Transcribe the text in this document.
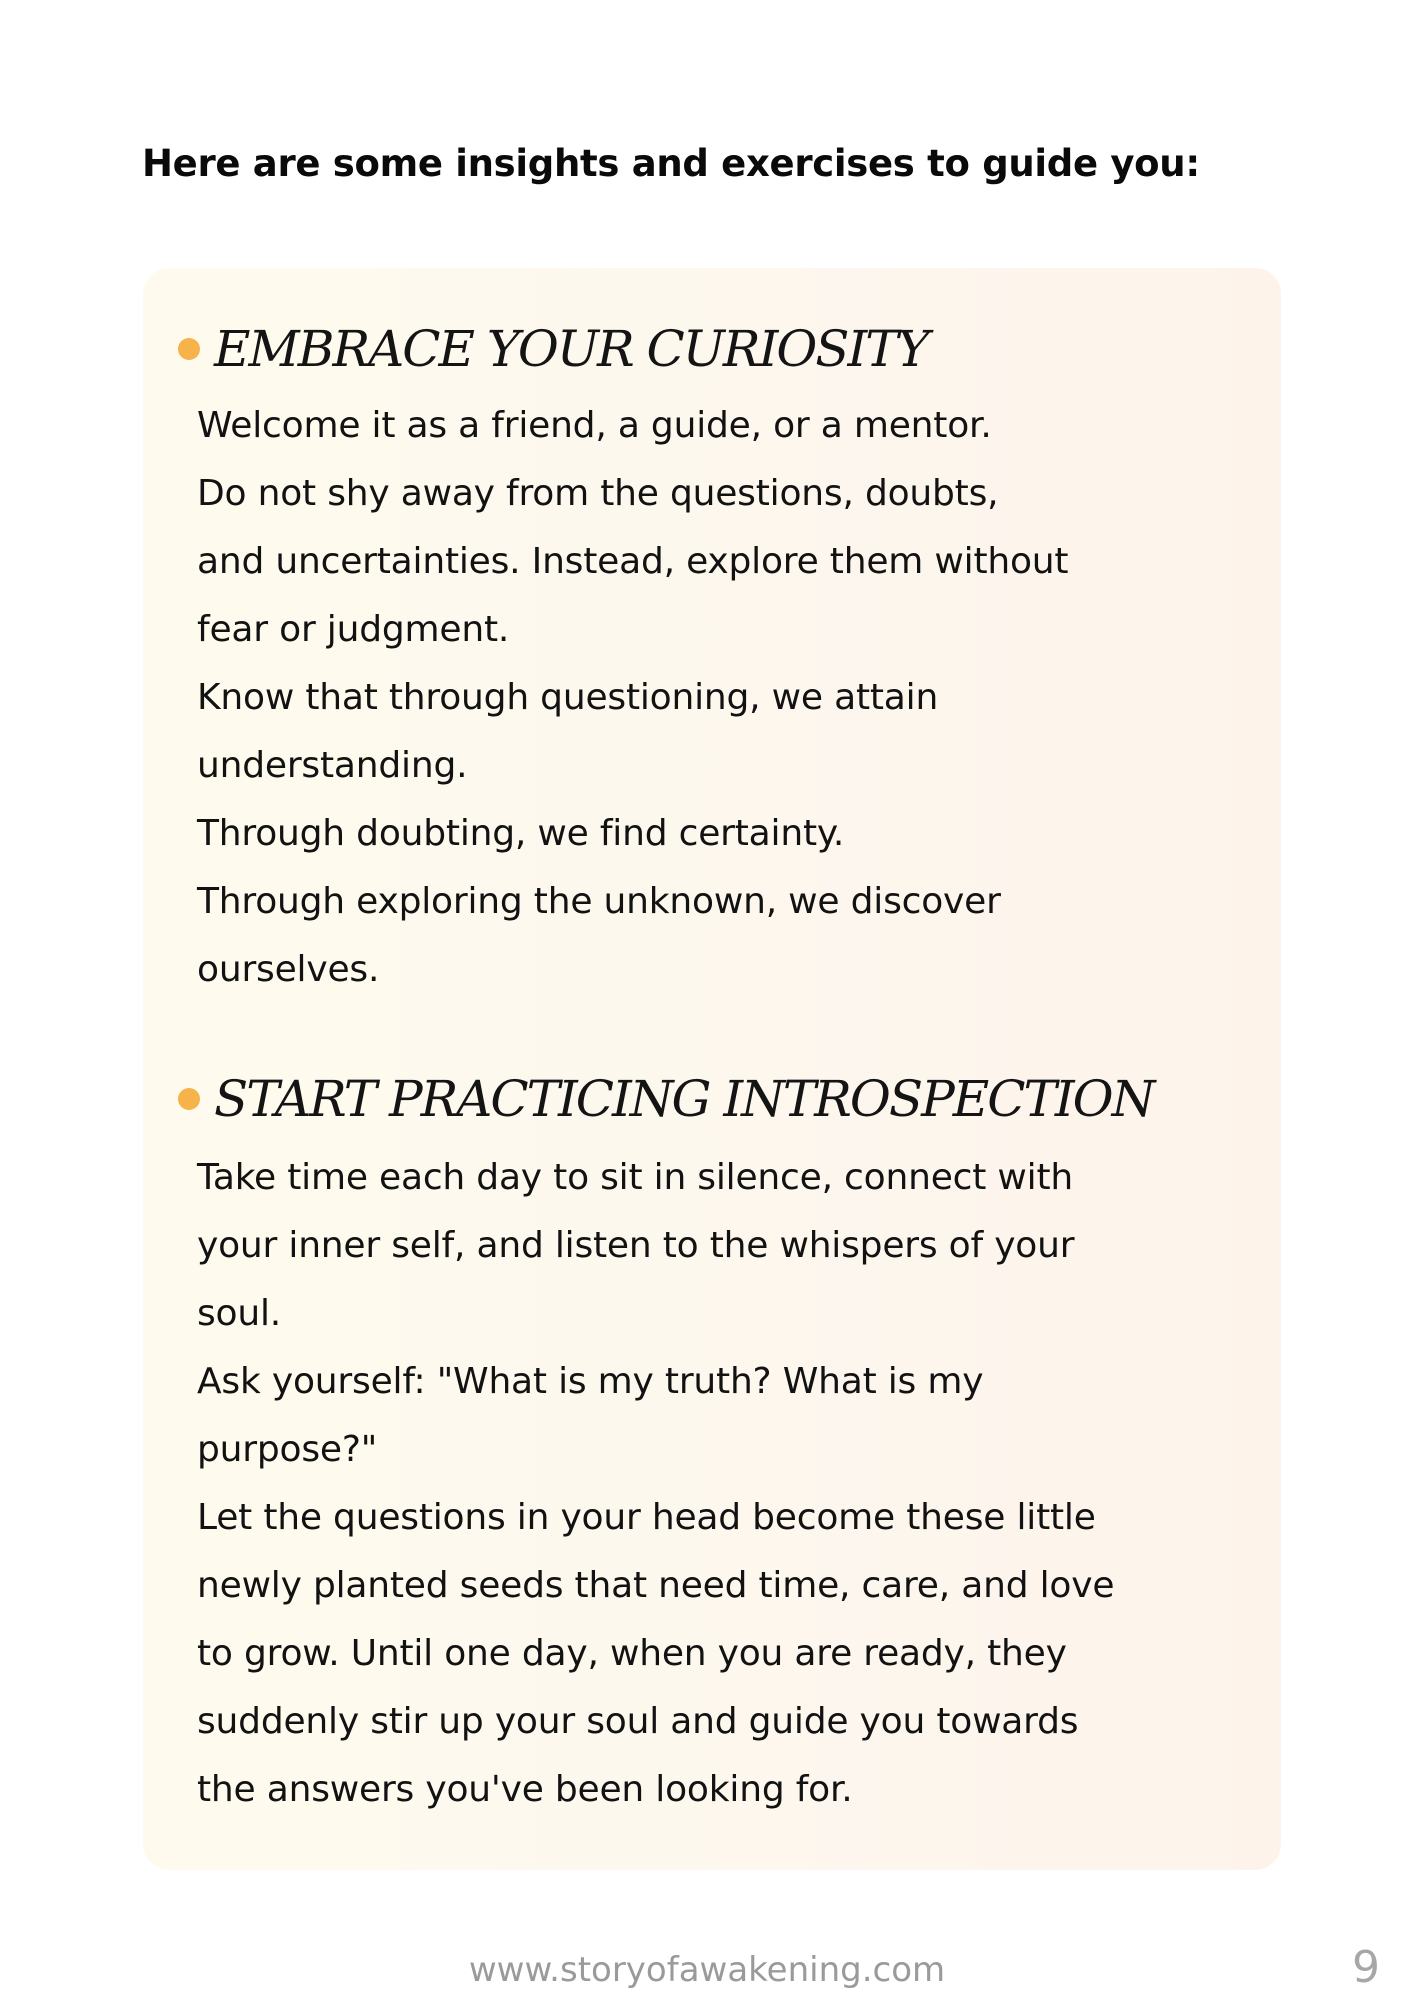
Here are some insights and exercises to guide you:
EMBRACE YOUR CURIOSITY
Welcome it as a friend, a guide, or a mentor.
Do not shy away from the questions, doubts,
and uncertainties. Instead, explore them without
fear or judgment.
Know that through questioning, we attain
understanding.
Through doubting, we find certainty.
Through exploring the unknown, we discover
ourselves.
START PRACTICING INTROSPECTION
Take time each day to sit in silence, connect with
your inner self, and listen to the whispers of your
soul.
Ask yourself: "What is my truth? What is my
purpose?"
Let the questions in your head become these little
newly planted seeds that need time, care, and love
to grow. Until one day, when you are ready, they
suddenly stir up your soul and guide you towards
the answers you've been looking for.
www.storyofawakening.com	9
